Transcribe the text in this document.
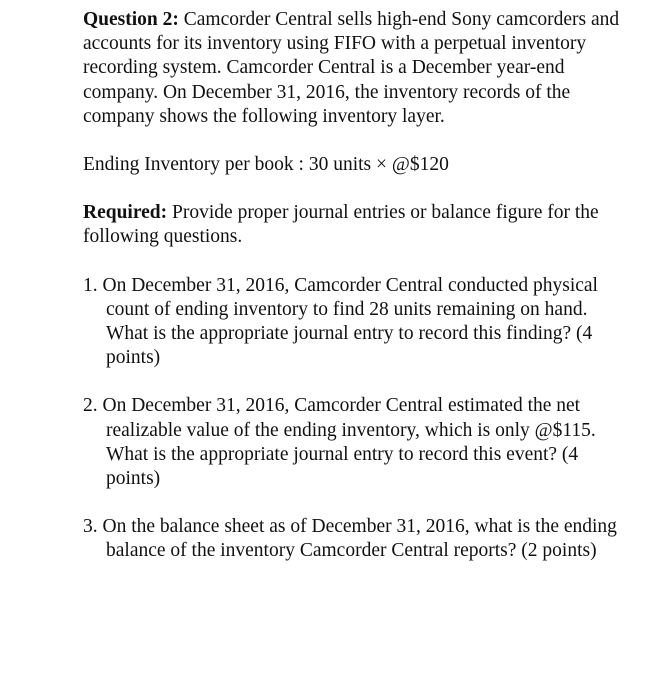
Question 2: Camcorder Central sells high-end Sony camcorders and accounts for its inventory using FIFO with a perpetual inventory recording system. Camcorder Central is a December year-end company. On December 31, 2016, the inventory records of the company shows the following inventory layer.

Ending Inventory per book : 30 units × @$120

Required: Provide proper journal entries or balance figure for the following questions.

1. On December 31, 2016, Camcorder Central conducted physical count of ending inventory to find 28 units remaining on hand. What is the appropriate journal entry to record this finding? (4 points)
2. On December 31, 2016, Camcorder Central estimated the net realizable value of the ending inventory, which is only @$115. What is the appropriate journal entry to record this event? (4 points)
3. On the balance sheet as of December 31, 2016, what is the ending balance of the inventory Camcorder Central reports? (2 points)
